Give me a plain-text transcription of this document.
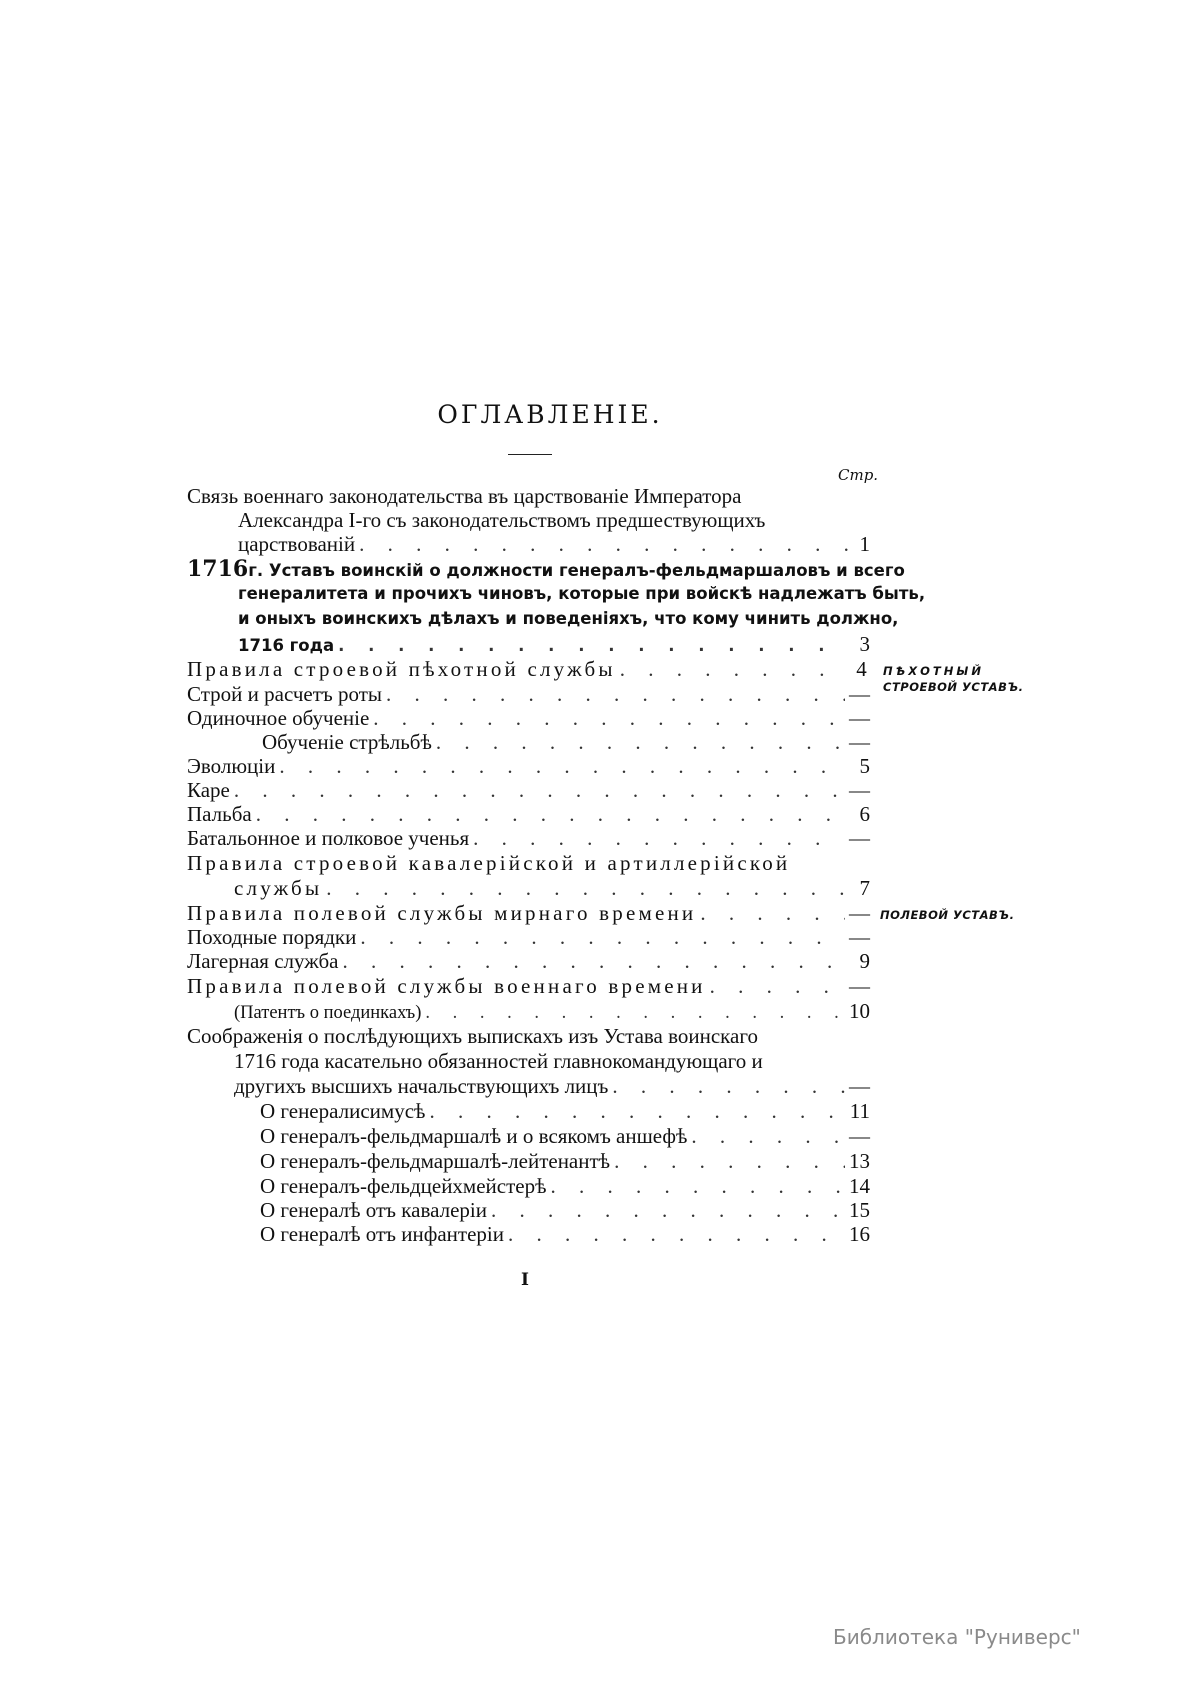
ОГЛАВЛЕНІЕ.
Стр.
Связь военнаго законодательства въ царствованіе Императора
Александра I-го съ законодательствомъ предшествующихъ
царствованій . . .	1
1716 г. Уставъ воинскій о должности генералъ-фельдмаршаловъ и всего
генералитета и прочихъ чиновъ, которые при войскѣ надлежатъ быть,
и оныхъ воинскихъ дѣлахъ и поведеніяхъ, что кому чинить должно,
1716 года . . .	3
Правила строевой пѣхотной службы . . .	4
Строй и расчетъ роты . . .	—
Одиночное обученіе . . .	—
Обученіе стрѣльбѣ . . .	—
Эволюціи . . .	5
Каре . . .	—
Пальба . . .	6
Батальонное и полковое ученья . . .	—
Правила строевой кавалерійской и артиллерійской
службы . . .	7
Правила полевой службы мирнаго времени . . .	—
Походные порядки . . .	—
Лагерная служба . . .	9
Правила полевой службы военнаго времени . . .	—
(Патентъ о поединкахъ) . . .	10
Соображенія о послѣдующихъ выпискахъ изъ Устава воинскаго
1716 года касательно обязанностей главнокомандующаго и
другихъ высшихъ начальствующихъ лицъ . . .	—
О генералисимусѣ . . .	11
О генералъ-фельдмаршалѣ и о всякомъ аншефѣ . . .	—
О генералъ-фельдмаршалѣ-лейтенантѣ . . .	13
О генералъ-фельдцейхмейстерѣ . . .	14
О генералѣ отъ кавалеріи . . .	15
О генералѣ отъ инфантеріи . . .	16
ПѢХОТНЫЙ
СТРОЕВОЙ УСТАВЪ.
ПОЛЕВОЙ УСТАВЪ.
I
Библиотека "Руниверс"
